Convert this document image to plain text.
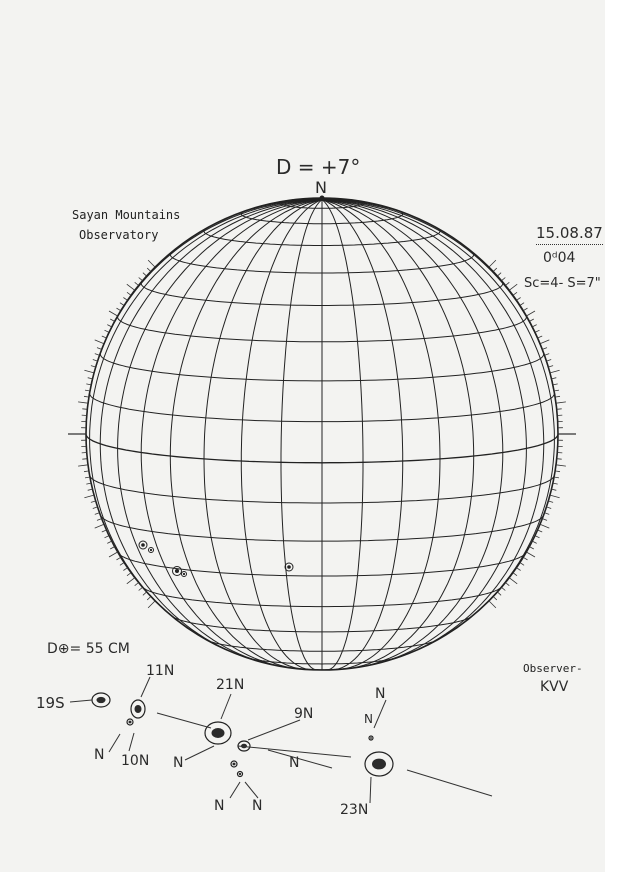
D = +7°
N
Sayan Mountains
Observatory	15.08.87
0ᵈ04
Sc=4- S=7"
D⊕= 55 CM
Observer-
KVV
19S
11N
10N
21N
9N
23N
N	N	N
N N
N
N
